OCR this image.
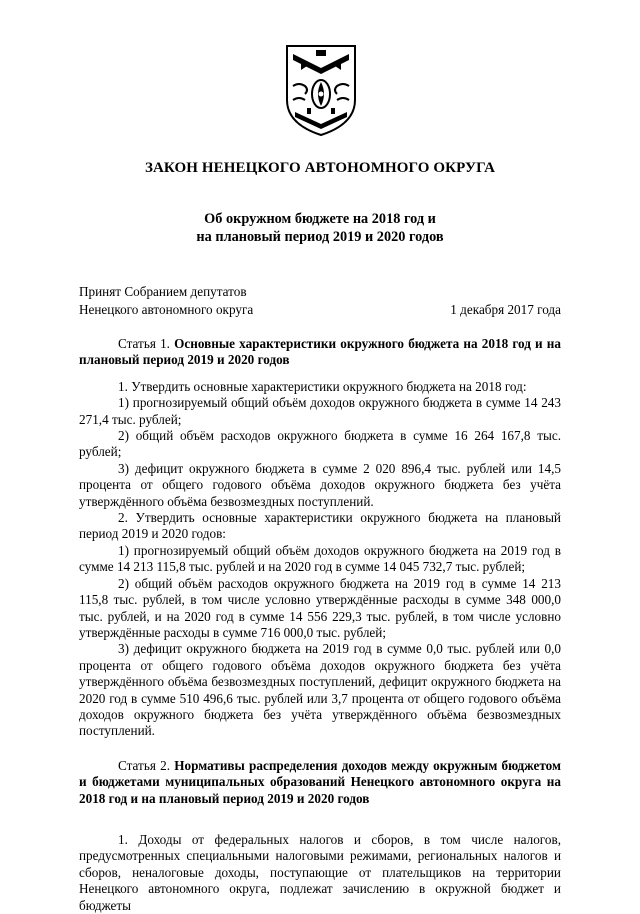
ЗАКОН НЕНЕЦКОГО АВТОНОМНОГО ОКРУГА
Об окружном бюджете на 2018 год и
на плановый период 2019 и 2020 годов
Принят Собранием депутатов
Ненецкого автономного округа	1 декабря 2017 года

Статья 1. Основные характеристики окружного бюджета на 2018 год и на плановый период 2019 и 2020 годов

1. Утвердить основные характеристики окружного бюджета на 2018 год:

1) прогнозируемый общий объём доходов окружного бюджета в сумме 14 243 271,4 тыс. рублей;

2) общий объём расходов окружного бюджета в сумме 16 264 167,8 тыс. рублей;

3) дефицит окружного бюджета в сумме 2 020 896,4 тыс. рублей или 14,5 процента от общего годового объёма доходов окружного бюджета без учёта утверждённого объёма безвозмездных поступлений.

2. Утвердить основные характеристики окружного бюджета на плановый период 2019 и 2020 годов:

1) прогнозируемый общий объём доходов окружного бюджета на 2019 год в сумме 14 213 115,8 тыс. рублей и на 2020 год в сумме 14 045 732,7 тыс. рублей;

2) общий объём расходов окружного бюджета на 2019 год в сумме 14 213 115,8 тыс. рублей, в том числе условно утверждённые расходы в сумме 348 000,0 тыс. рублей, и на 2020 год в сумме 14 556 229,3 тыс. рублей, в том числе условно утверждённые расходы в сумме 716 000,0 тыс. рублей;

3) дефицит окружного бюджета на 2019 год в сумме 0,0 тыс. рублей или 0,0 процента от общего годового объёма доходов окружного бюджета без учёта утверждённого объёма безвозмездных поступлений, дефицит окружного бюджета на 2020 год в сумме 510 496,6 тыс. рублей или 3,7 процента от общего годового объёма доходов окружного бюджета без учёта утверждённого объёма безвозмездных поступлений.

Статья 2. Нормативы распределения доходов между окружным бюджетом и бюджетами муниципальных образований Ненецкого автономного округа на 2018 год и на плановый период 2019 и 2020 годов

1. Доходы от федеральных налогов и сборов, в том числе налогов, предусмотренных специальными налоговыми режимами, региональных налогов и сборов, неналоговые доходы, поступающие от плательщиков на территории Ненецкого автономного округа, подлежат зачислению в окружной бюджет и бюджеты
